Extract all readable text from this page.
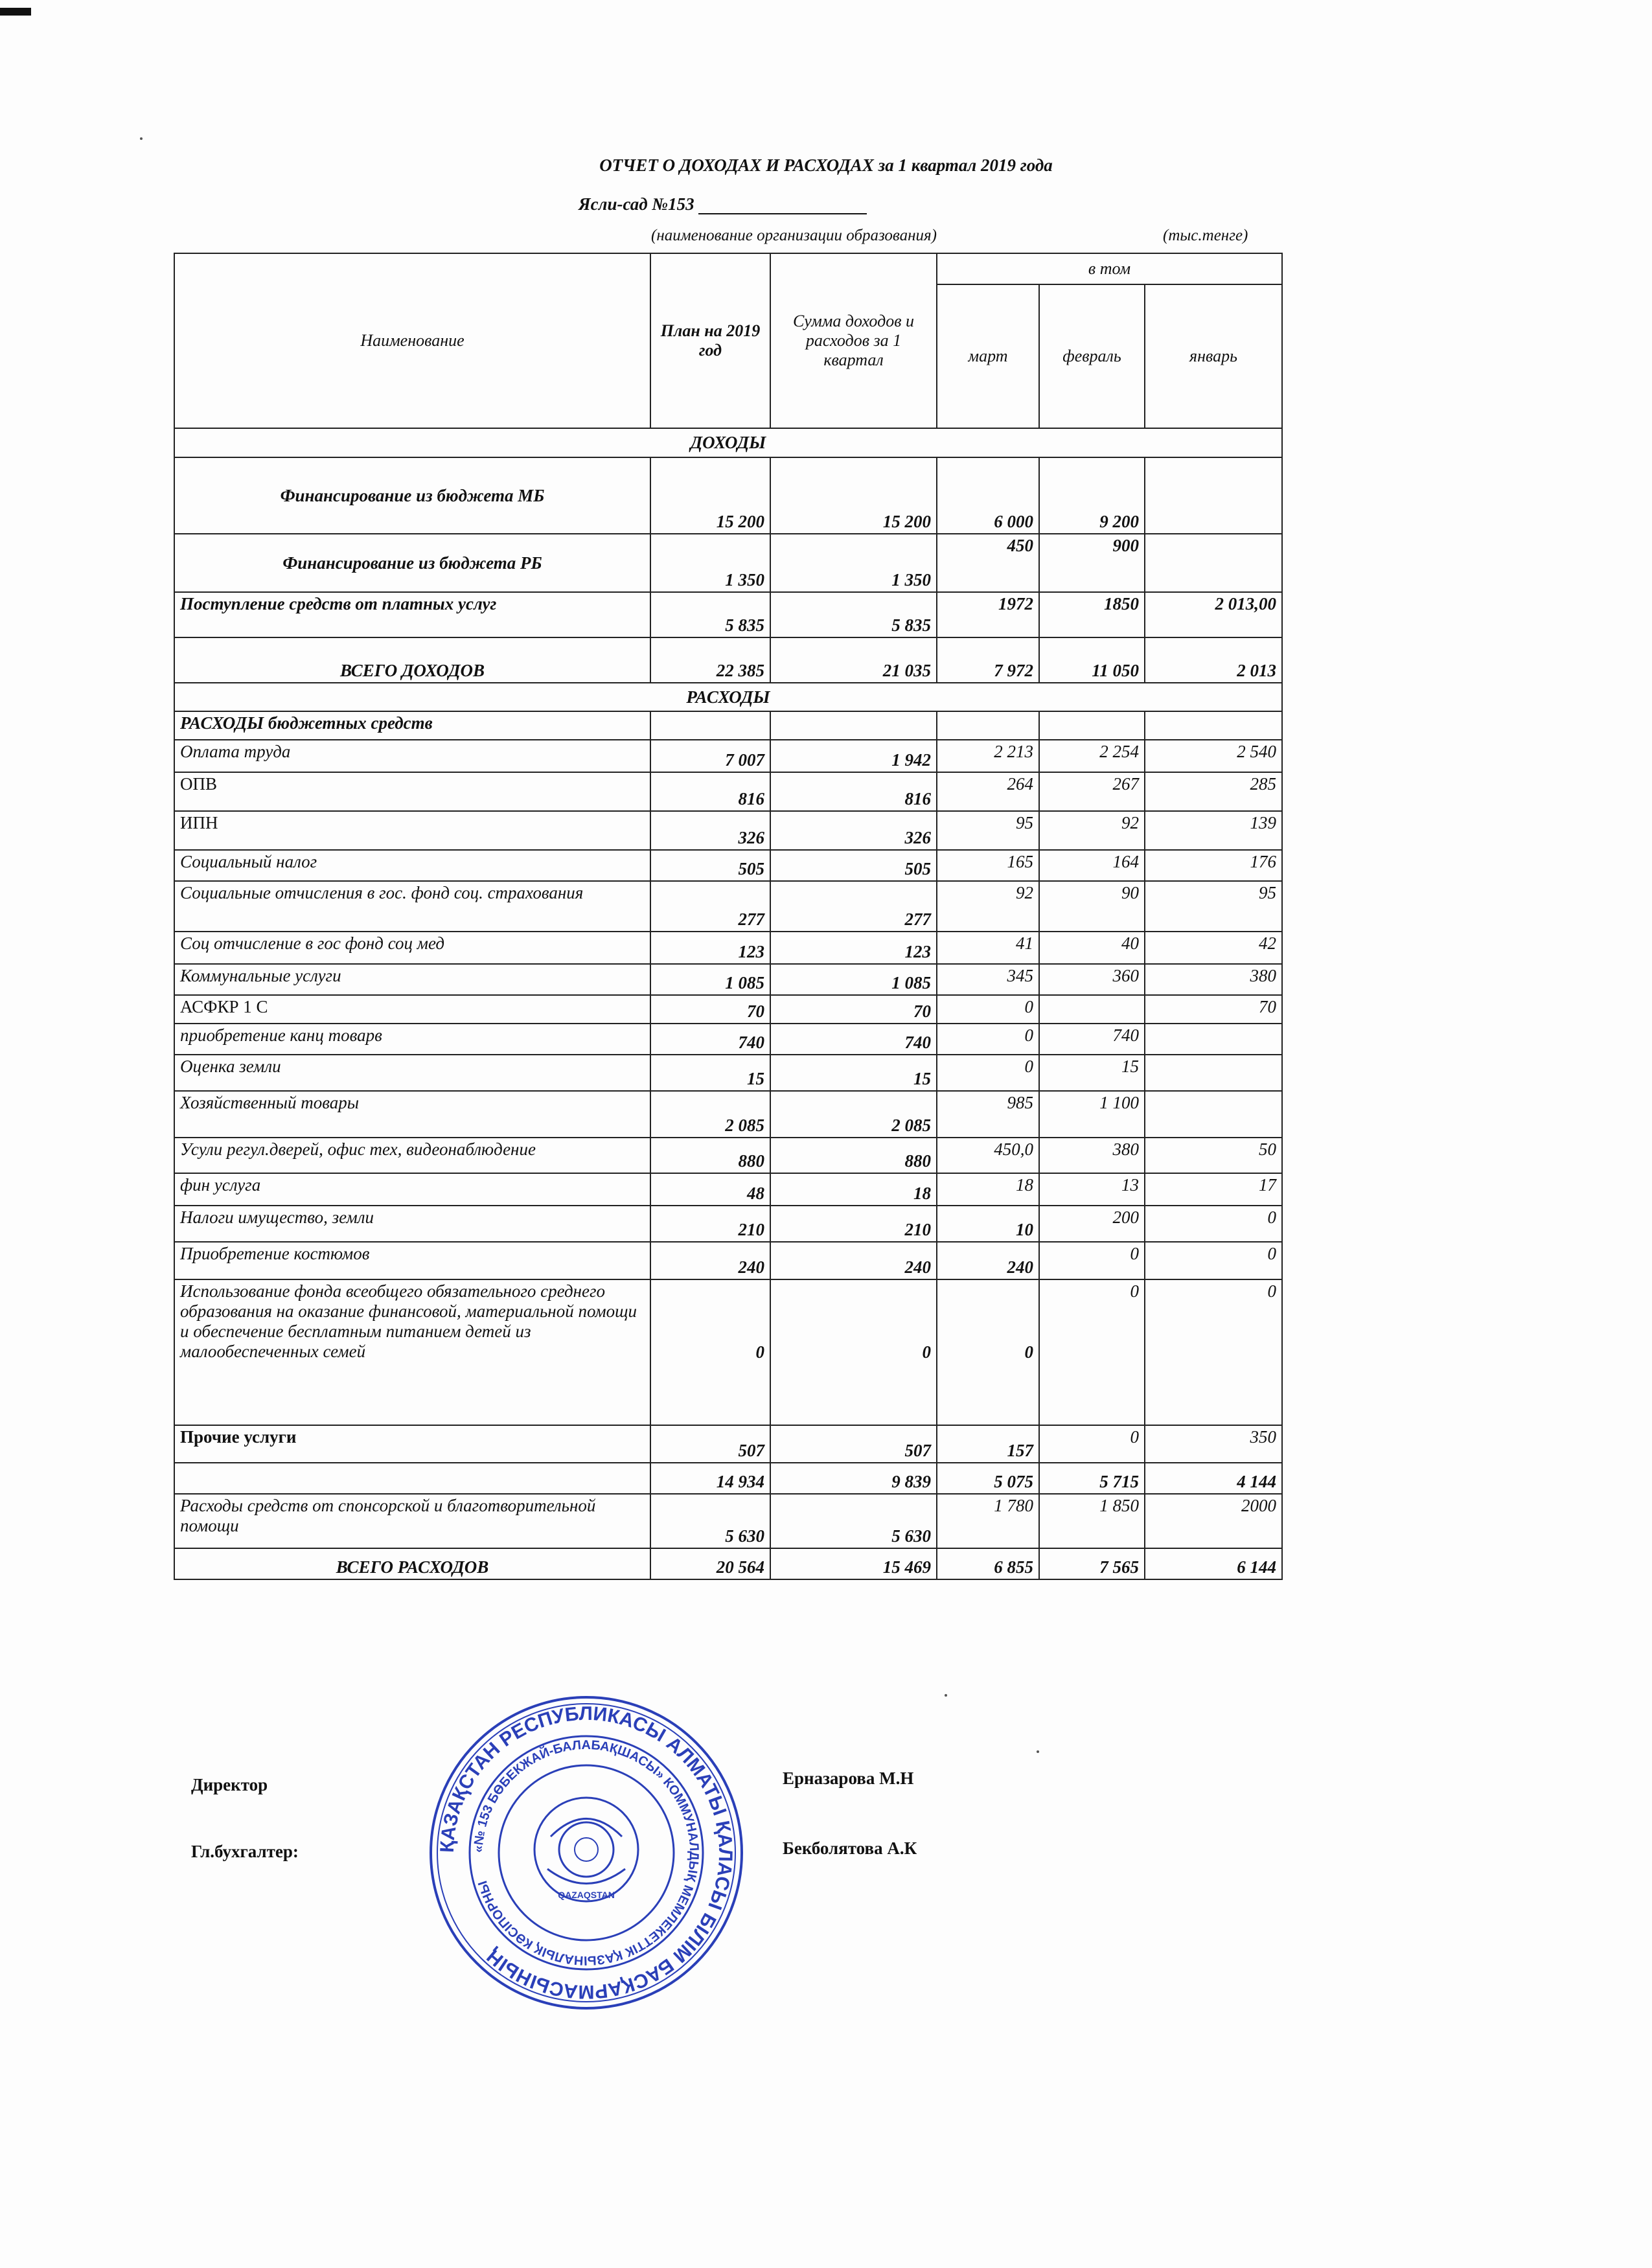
ОТЧЕТ О ДОХОДАХ И РАСХОДАХ за 1 квартал 2019 года
Ясли-сад №153
(наименование организации образования)	(тыс.тенге)
Наименование	План на 2019 год	Сумма доходов и расходов за 1 квартал	в том		
			март	февраль	январь
ДОХОДЫ					
Финансирование из бюджета МБ	15 200	15 200	6 000	9 200	
Финансирование из бюджета РБ	1 350	1 350	450	900	
Поступление средств от платных услуг	5 835	5 835	1972	1850	2 013,00
ВСЕГО ДОХОДОВ	22 385	21 035	7 972	11 050	2 013
РАСХОДЫ					
РАСХОДЫ бюджетных средств					
Оплата труда	7 007	1 942	2 213	2 254	2 540
ОПВ	816	816	264	267	285
ИПН	326	326	95	92	139
Социальный налог	505	505	165	164	176
Социальные отчисления в гос. фонд соц. страхования	277	277	92	90	95
Соц отчисление в гос фонд соц мед	123	123	41	40	42
Коммунальные услуги	1 085	1 085	345	360	380
АСФКР 1 С	70	70	0		70
приобретение канц товарв	740	740	0	740	
Оценка земли	15	15	0	15	
Хозяйственный товары	2 085	2 085	985	1 100	
Усули регул.дверей, офис тех, видеонаблюдение	880	880	450,0	380	50
фин услуга	48	18	18	13	17
Налоги имущество, земли	210	210	10	200	0
Приобретение костюмов	240	240	240	0	0
Использование фонда всеобщего обязательного среднего образования на оказание финансовой, материальной помощи и обеспечение бесплатным питанием детей из малообеспеченных семей	0	0	0	0	0
Прочие услуги	507	507	157	0	350
	14 934	9 839	5 075	5 715	4 144
Расходы средств от спонсорской и благотворительной помощи	5 630	5 630	1 780	1 850	2000
ВСЕГО РАСХОДОВ	20 564	15 469	6 855	7 565	6 144
Директор	Ерназарова М.Н
Гл.бухгалтер:	Бекболятова А.К
ҚАЗАҚСТАН РЕСПУБЛИКАСЫ АЛМАТЫ ҚАЛАСЫ БІЛІМ БАСҚАРМАСЫНЫҢ
«№ 153 БӨБЕКЖАЙ-БАЛАБАҚШАСЫ» КОММУНАЛДЫҚ МЕМЛЕКЕТТІК ҚАЗЫНАЛЫҚ КӘСІПОРНЫ	QAZAQSTAN
